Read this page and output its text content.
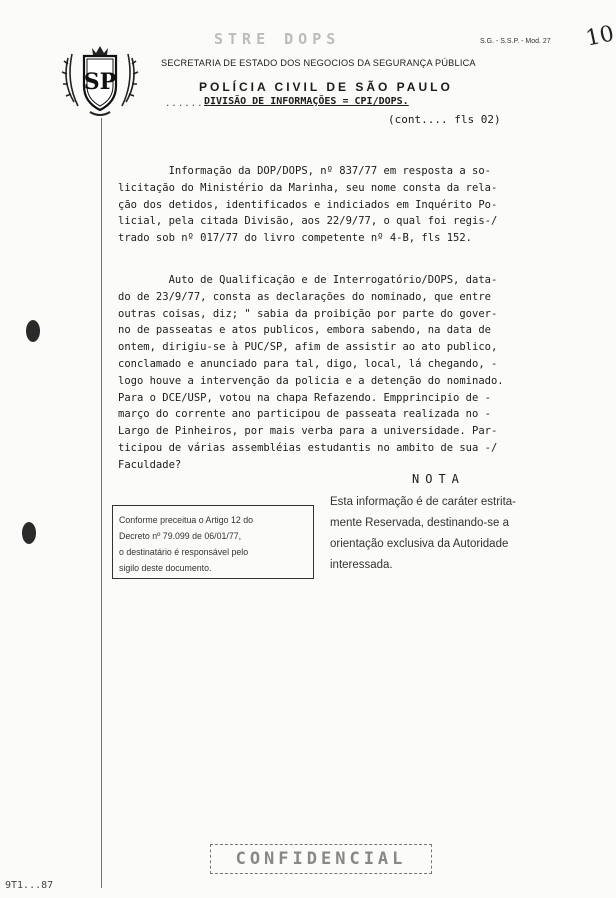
STRE DOPS	S.G. - S.S.P. - Mod. 27 10
SP
SECRETARIA DE ESTADO DOS NEGOCIOS DA SEGURANÇA PÚBLICA
POLÍCIA CIVIL DE SÃO PAULO
.........
DIVISÃO DE INFORMAÇÕES = CPI/DOPS.
(cont.... fls 02)
Informação da DOP/DOPS, nº 837/77 em resposta a so-
licitação do Ministério da Marinha, seu nome consta da rela-
ção dos detidos, identificados e indiciados em Inquérito Po-
licial, pela citada Divisão, aos 22/9/77, o qual foi regis-/
trado sob nº 017/77 do livro competente nº 4-B, fls 152.
Auto de Qualificação e de Interrogatório/DOPS, data-
do de 23/9/77, consta as declarações do nominado, que entre
outras coisas, diz; " sabia da proibição por parte do gover-
no de passeatas e atos publicos, embora sabendo, na data de
ontem, dirigiu-se à PUC/SP, afim de assistir ao ato publico,
conclamado e anunciado para tal, digo, local, lá chegando, -
logo houve a intervenção da policia e a detenção do nominado.
Para o DCE/USP, votou na chapa Refazendo. Empprincipio de -
março do corrente ano participou de passeata realizada no -
Largo de Pinheiros, por mais verba para a universidade. Par-
ticipou de várias assembléias estudantis no ambito de sua -/
Faculdade?
NOTA
Esta informação é de caráter estrita-
mente Reservada, destinando-se a
orientação exclusiva da Autoridade
interessada.
Conforme preceitua o Artigo 12 do
Decreto nº 79.099 de 06/01/77,
o destinatário é responsável pelo
sigilo deste documento.
CONFIDENCIAL
9T1...87
